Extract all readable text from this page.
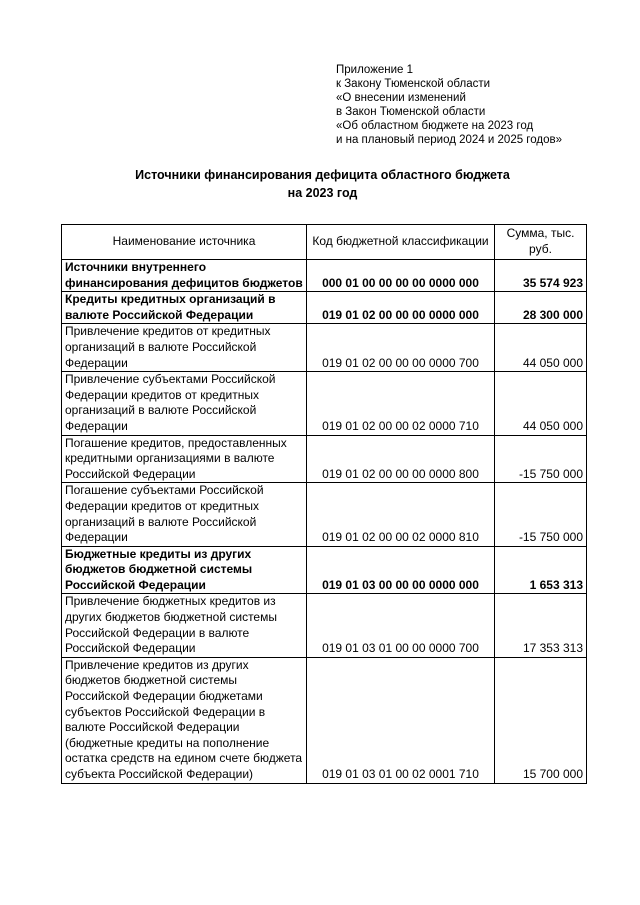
Приложение 1
к Закону Тюменской области
«О внесении изменений
в Закон Тюменской области
«Об областном бюджете на 2023 год
и на плановый период 2024 и 2025 годов»
Источники финансирования дефицита областного бюджета
на 2023 год
Наименование источника	Код бюджетной классификации	Сумма, тыс. руб.
Источники внутреннего финансирования дефицитов бюджетов	000 01 00 00 00 00 0000 000	35 574 923
Кредиты кредитных организаций в валюте Российской Федерации	019 01 02 00 00 00 0000 000	28 300 000
Привлечение кредитов от кредитных организаций в валюте Российской Федерации	019 01 02 00 00 00 0000 700	44 050 000
Привлечение субъектами Российской Федерации кредитов от кредитных организаций в валюте Российской Федерации	019 01 02 00 00 02 0000 710	44 050 000
Погашение кредитов, предоставленных кредитными организациями в валюте Российской Федерации	019 01 02 00 00 00 0000 800	-15 750 000
Погашение субъектами Российской Федерации кредитов от кредитных организаций в валюте Российской Федерации	019 01 02 00 00 02 0000 810	-15 750 000
Бюджетные кредиты из других бюджетов бюджетной системы Российской Федерации	019 01 03 00 00 00 0000 000	1 653 313
Привлечение бюджетных кредитов из других бюджетов бюджетной системы Российской Федерации в валюте Российской Федерации	019 01 03 01 00 00 0000 700	17 353 313
Привлечение кредитов из других бюджетов бюджетной системы Российской Федерации бюджетами субъектов Российской Федерации в валюте Российской Федерации (бюджетные кредиты на пополнение остатка средств на едином счете бюджета субъекта Российской Федерации)	019 01 03 01 00 02 0001 710	15 700 000
